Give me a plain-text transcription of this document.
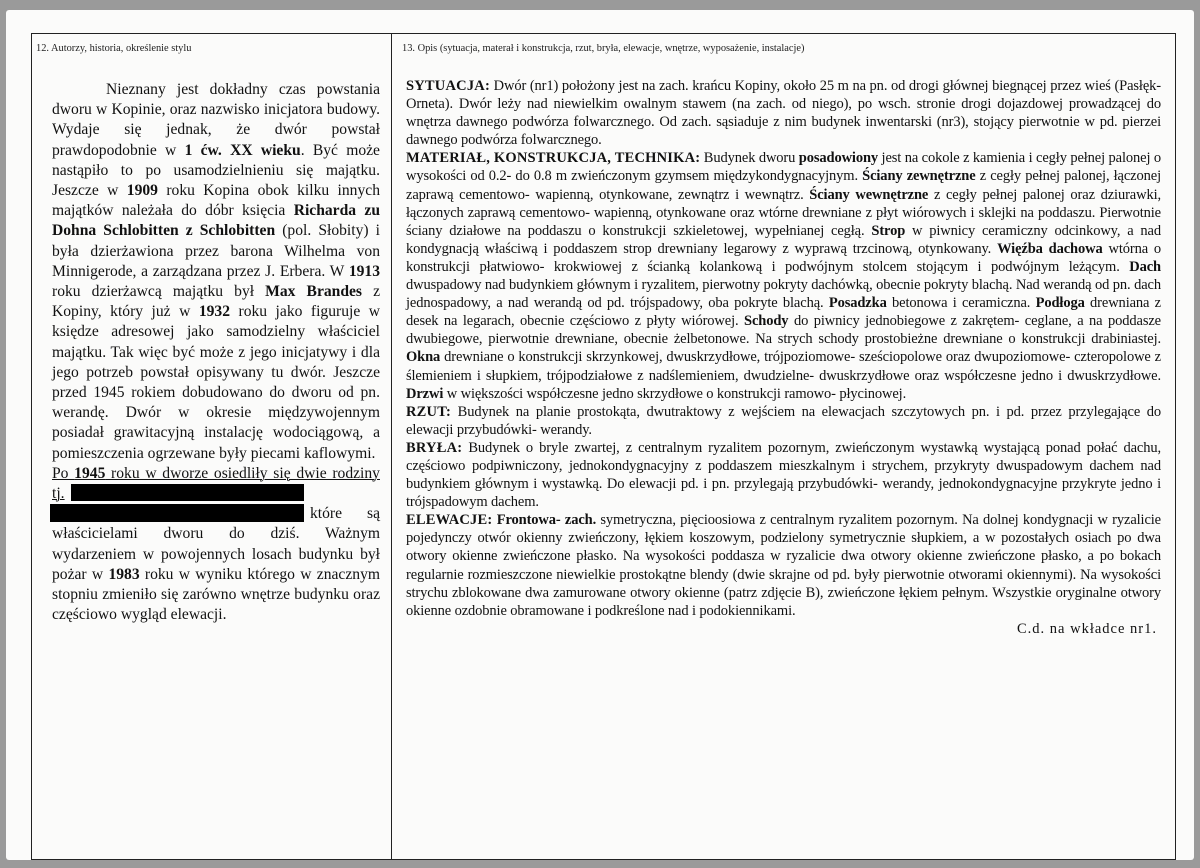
12. Autorzy, historia, określenie stylu	13. Opis (sytuacja, materał i konstrukcja, rzut, bryła, elewacje, wnętrze, wyposażenie, instalacje)

Nieznany jest dokładny czas powstania dworu w Kopinie, oraz nazwisko inicjatora budowy. Wydaje się jednak, że dwór powstał prawdopodobnie w 1 ćw. XX wieku. Być może nastąpiło to po usamodzielnieniu się majątku. Jeszcze w 1909 roku Kopina obok kilku innych majątków należała do dóbr księcia Richarda zu Dohna Schlobitten z Schlobitten (pol. Słobity) i była dzierżawiona przez barona Wilhelma von Minnigerode, a zarządzana przez J. Erbera. W 1913 roku dzierżawcą majątku był Max Brandes z Kopiny, który już w 1932 roku jako figuruje w księdze adresowej jako samodzielny właściciel majątku. Tak więc być może z jego inicjatywy i dla jego potrzeb powstał opisywany tu dwór. Jeszcze przed 1945 rokiem dobudowano do dworu od pn. werandę. Dwór w okresie międzywojennym posiadał grawitacyjną instalację wodociągową, a pomieszczenia ogrzewane były piecami kaflowymi.

Po 1945 roku w dworze osiedliły się dwie rodziny tj. które są właścicielami dworu do dziś. Ważnym wydarzeniem w powojennych losach budynku był pożar w 1983 roku w wyniku którego w znacznym stopniu zmieniło się zarówno wnętrze budynku oraz częściowo wygląd elewacji.

SYTUACJA: Dwór (nr1) położony jest na zach. krańcu Kopiny, około 25 m na pn. od drogi głównej biegnącej przez wieś (Pasłęk- Orneta). Dwór leży nad niewielkim owalnym stawem (na zach. od niego), po wsch. stronie drogi dojazdowej prowadzącej do wnętrza dawnego podwórza folwarcznego. Od zach. sąsiaduje z nim budynek inwentarski (nr3), stojący pierwotnie w pd. pierzei dawnego podwórza folwarcznego.

MATERIAŁ, KONSTRUKCJA, TECHNIKA: Budynek dworu posadowiony jest na cokole z kamienia i cegły pełnej palonej o wysokości od 0.2- do 0.8 m zwieńczonym gzymsem międzykondygnacyjnym. Ściany zewnętrzne z cegły pełnej palonej, łączonej zaprawą cementowo- wapienną, otynkowane, zewnątrz i wewnątrz. Ściany wewnętrzne z cegły pełnej palonej oraz dziurawki, łączonych zaprawą cementowo- wapienną, otynkowane oraz wtórne drewniane z płyt wiórowych i sklejki na poddaszu. Pierwotnie ściany działowe na poddaszu o konstrukcji szkieletowej, wypełnianej cegłą. Strop w piwnicy ceramiczny odcinkowy, a nad kondygnacją właściwą i poddaszem strop drewniany legarowy z wyprawą trzcinową, otynkowany. Więźba dachowa wtórna o konstrukcji płatwiowo- krokwiowej z ścianką kolankową i podwójnym stolcem stojącym i podwójnym leżącym. Dach dwuspadowy nad budynkiem głównym i ryzalitem, pierwotny pokryty dachówką, obecnie pokryty blachą. Nad werandą od pn. dach jednospadowy, a nad werandą od pd. trójspadowy, oba pokryte blachą. Posadzka betonowa i ceramiczna. Podłoga drewniana z desek na legarach, obecnie częściowo z płyty wiórowej. Schody do piwnicy jednobiegowe z zakrętem- ceglane, a na poddasze dwubiegowe, pierwotnie drewniane, obecnie żelbetonowe. Na strych schody prostobieżne drewniane o konstrukcji drabiniastej. Okna drewniane o konstrukcji skrzynkowej, dwuskrzydłowe, trójpoziomowe- sześciopolowe oraz dwupoziomowe- czteropolowe z ślemieniem i słupkiem, trójpodziałowe z nadślemieniem, dwudzielne- dwuskrzydłowe oraz współczesne jedno i dwuskrzydłowe. Drzwi w większości współczesne jedno skrzydłowe o konstrukcji ramowo- płycinowej.

RZUT: Budynek na planie prostokąta, dwutraktowy z wejściem na elewacjach szczytowych pn. i pd. przez przylegające do elewacji przybudówki- werandy.

BRYŁA: Budynek o bryle zwartej, z centralnym ryzalitem pozornym, zwieńczonym wystawką wystającą ponad połać dachu, częściowo podpiwniczony, jednokondygnacyjny z poddaszem mieszkalnym i strychem, przykryty dwuspadowym dachem nad budynkiem głównym i wystawką. Do elewacji pd. i pn. przylegają przybudówki- werandy, jednokondygnacyjne przykryte jedno i trójspadowym dachem.

ELEWACJE: Frontowa- zach. symetryczna, pięcioosiowa z centralnym ryzalitem pozornym. Na dolnej kondygnacji w ryzalicie pojedynczy otwór okienny zwieńczony, łękiem koszowym, podzielony symetrycznie słupkiem, a w pozostałych osiach po dwa otwory okienne zwieńczone płasko. Na wysokości poddasza w ryzalicie dwa otwory okienne zwieńczone płasko, a po bokach regularnie rozmieszczone niewielkie prostokątne blendy (dwie skrajne od pd. były pierwotnie otworami okiennymi). Na wysokości strychu zblokowane dwa zamurowane otwory okienne (patrz zdjęcie B), zwieńczone łękiem pełnym. Wszystkie oryginalne otwory okienne ozdobnie obramowane i podkreślone nad i podokiennikami.

C.d. na wkładce nr1.
